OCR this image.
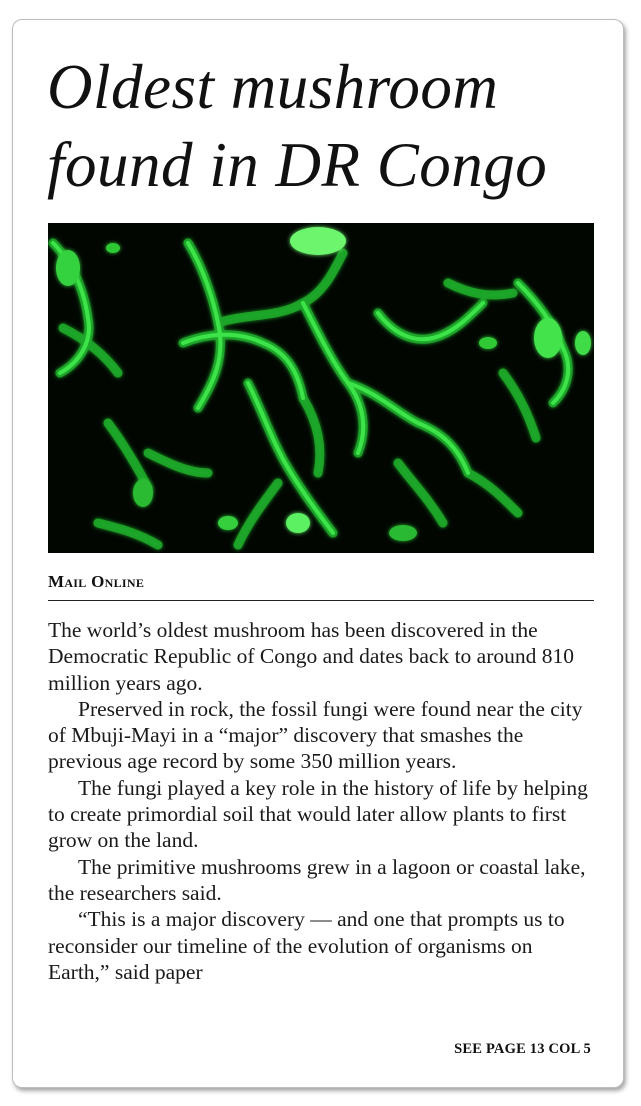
Oldest mushroom
found in DR Congo
Mail Online

The world’s oldest mushroom has been discovered in the Democratic Republic of Congo and dates back to around 810 million years ago.

Preserved in rock, the fossil fungi were found near the city of Mbuji-Mayi in a “major” discovery that smashes the previous age record by some 350 million years.

The fungi played a key role in the history of life by helping to create primordial soil that would later allow plants to first grow on the land.

The primitive mushrooms grew in a lagoon or coastal lake, the researchers said.

“This is a major discovery — and one that prompts us to reconsider our timeline of the evolution of organisms on Earth,” said paper

SEE PAGE 13 COL 5
